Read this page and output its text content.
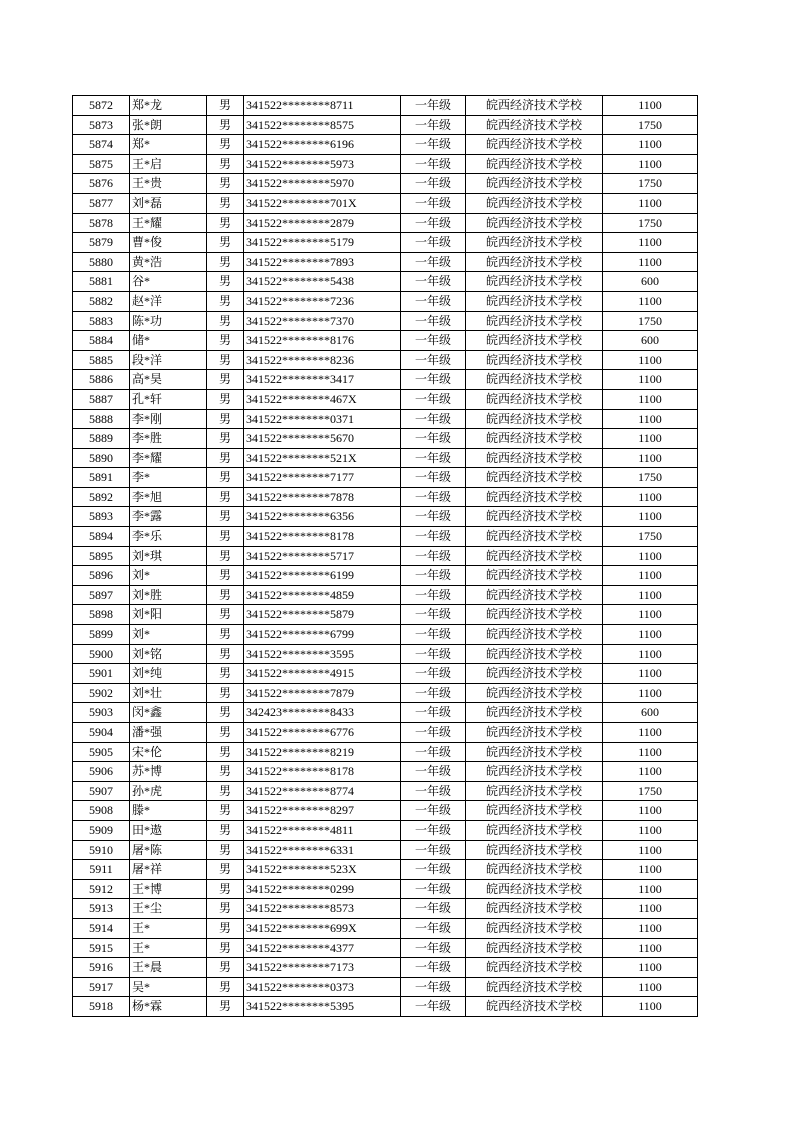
5872	郑*龙	男	341522********8711	一年级	皖西经济技术学校	1100
5873	张*朗	男	341522********8575	一年级	皖西经济技术学校	1750
5874	郑*	男	341522********6196	一年级	皖西经济技术学校	1100
5875	王*启	男	341522********5973	一年级	皖西经济技术学校	1100
5876	王*贵	男	341522********5970	一年级	皖西经济技术学校	1750
5877	刘*磊	男	341522********701X	一年级	皖西经济技术学校	1100
5878	王*耀	男	341522********2879	一年级	皖西经济技术学校	1750
5879	曹*俊	男	341522********5179	一年级	皖西经济技术学校	1100
5880	黄*浩	男	341522********7893	一年级	皖西经济技术学校	1100
5881	谷*	男	341522********5438	一年级	皖西经济技术学校	600
5882	赵*洋	男	341522********7236	一年级	皖西经济技术学校	1100
5883	陈*功	男	341522********7370	一年级	皖西经济技术学校	1750
5884	储*	男	341522********8176	一年级	皖西经济技术学校	600
5885	段*洋	男	341522********8236	一年级	皖西经济技术学校	1100
5886	高*昊	男	341522********3417	一年级	皖西经济技术学校	1100
5887	孔*轩	男	341522********467X	一年级	皖西经济技术学校	1100
5888	李*刚	男	341522********0371	一年级	皖西经济技术学校	1100
5889	李*胜	男	341522********5670	一年级	皖西经济技术学校	1100
5890	李*耀	男	341522********521X	一年级	皖西经济技术学校	1100
5891	李*	男	341522********7177	一年级	皖西经济技术学校	1750
5892	李*旭	男	341522********7878	一年级	皖西经济技术学校	1100
5893	李*露	男	341522********6356	一年级	皖西经济技术学校	1100
5894	李*乐	男	341522********8178	一年级	皖西经济技术学校	1750
5895	刘*琪	男	341522********5717	一年级	皖西经济技术学校	1100
5896	刘*	男	341522********6199	一年级	皖西经济技术学校	1100
5897	刘*胜	男	341522********4859	一年级	皖西经济技术学校	1100
5898	刘*阳	男	341522********5879	一年级	皖西经济技术学校	1100
5899	刘*	男	341522********6799	一年级	皖西经济技术学校	1100
5900	刘*铭	男	341522********3595	一年级	皖西经济技术学校	1100
5901	刘*纯	男	341522********4915	一年级	皖西经济技术学校	1100
5902	刘*壮	男	341522********7879	一年级	皖西经济技术学校	1100
5903	闵*鑫	男	342423********8433	一年级	皖西经济技术学校	600
5904	潘*强	男	341522********6776	一年级	皖西经济技术学校	1100
5905	宋*伦	男	341522********8219	一年级	皖西经济技术学校	1100
5906	苏*博	男	341522********8178	一年级	皖西经济技术学校	1100
5907	孙*虎	男	341522********8774	一年级	皖西经济技术学校	1750
5908	滕*	男	341522********8297	一年级	皖西经济技术学校	1100
5909	田*遨	男	341522********4811	一年级	皖西经济技术学校	1100
5910	屠*陈	男	341522********6331	一年级	皖西经济技术学校	1100
5911	屠*祥	男	341522********523X	一年级	皖西经济技术学校	1100
5912	王*博	男	341522********0299	一年级	皖西经济技术学校	1100
5913	王*尘	男	341522********8573	一年级	皖西经济技术学校	1100
5914	王*	男	341522********699X	一年级	皖西经济技术学校	1100
5915	王*	男	341522********4377	一年级	皖西经济技术学校	1100
5916	王*晨	男	341522********7173	一年级	皖西经济技术学校	1100
5917	吴*	男	341522********0373	一年级	皖西经济技术学校	1100
5918	杨*霖	男	341522********5395	一年级	皖西经济技术学校	1100
